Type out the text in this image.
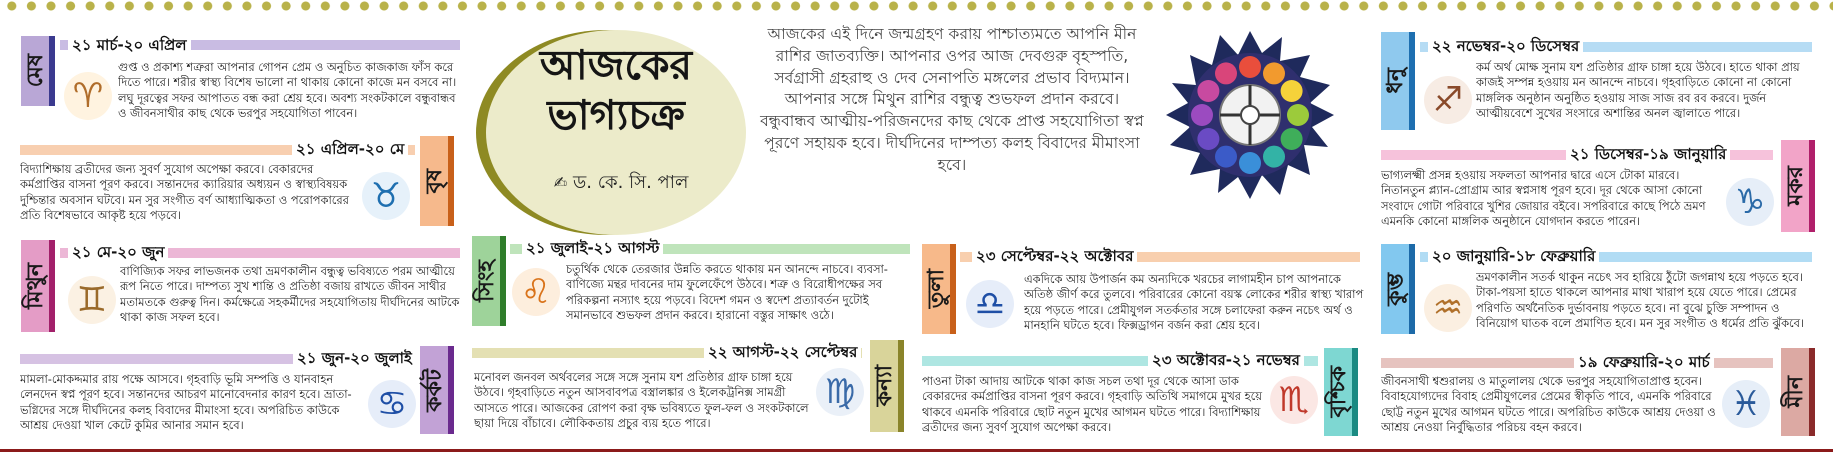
মেষ
২১ মার্চ-২০ এপ্রিল
♈
গুপ্ত ও প্রকাশ্য শত্রুরা আপনার গোপন প্রেম ও অনুচিত কাজকাজ ফাঁস করে দিতে পারে। শরীর স্বাস্থ্য বিশেষ ভালো না থাকায় কোনো কাজে মন বসবে না। লঘু দূরত্বের সফর আপাতত বন্ধ করা শ্রেয় হবে। অবশ্য সংকটকালে বন্ধুবান্ধব ও জীবনসাথীর কাছ থেকে ভরপুর সহযোগিতা পাবেন।
বৃষ
২১ এপ্রিল-২০ মে
♉
বিদ্যাশিক্ষায় ব্রতীদের জন্য সুবর্ণ সুযোগ অপেক্ষা করবে। বেকারদের কর্মপ্রাপ্তির বাসনা পূরণ করবে। সন্তানদের ক্যারিয়ার অধ্যয়ন ও স্বাস্থ্যবিষয়ক দুশ্চিন্তার অবসান ঘটবে। মন সুর সংগীত বর্ণ আধ্যাত্মিকতা ও পরোপকারের প্রতি বিশেষভাবে আকৃষ্ট হয়ে পড়বে।
মিথুন
২১ মে-২০ জুন
♊
বাণিজ্যিক সফর লাভজনক তথা ভ্রমণকালীন বন্ধুত্ব ভবিষ্যতে পরম আত্মীয়ে রূপ নিতে পারে। দাম্পত্য সুখ শান্তি ও প্রতিষ্ঠা বজায় রাখতে জীবন সাথীর মতামতকে গুরুত্ব দিন। কর্মক্ষেত্রে সহকর্মীদের সহযোগিতায় দীর্ঘদিনের আটকে থাকা কাজ সফল হবে।
কর্কট
২১ জুন-২০ জুলাই
♋
মামলা-মোকদ্দমার রায় পক্ষে আসবে। গৃহবাড়ি ভূমি সম্পত্তি ও যানবাহন লেনদেন স্বপ্ন পূরণ হবে। সন্তানদের আচরণ মানোবেদনার কারণ হবে। ভ্রাতা-ভগ্নিদের সঙ্গে দীর্ঘদিনের কলহ বিবাদের মীমাংসা হবে। অপরিচিত কাউকে আশ্রয় দেওয়া খাল কেটে কুমির আনার সমান হবে।
সিংহ
২১ জুলাই-২১ আগস্ট
♌
চতুর্থিক থেকে তেরজার উন্নতি করতে থাকায় মন আনন্দে নাচবে। ব্যবসা-বাণিজ্যে মন্থর দাবনের দাম ফুলেফেঁপে উঠবে। শত্রু ও বিরোধীপক্ষের সব পরিকল্পনা নস্যাৎ হয়ে পড়বে। বিদেশ গমন ও স্বদেশ প্রত্যাবর্তন দুটোই সমানভাবে শুভফল প্রদান করবে। হারানো বস্তুর সাক্ষাৎ ওঠে।
কন্যা
২২ আগস্ট-২২ সেপ্টেম্বর
♍
মনোবল জনবল অর্থবলের সঙ্গে সঙ্গে সুনাম যশ প্রতিষ্ঠার গ্রাফ চাঙ্গা হয়ে উঠবে। গৃহবাড়িতে নতুন আসবাবপত্র বস্ত্রালঙ্কার ও ইলেকট্রনিক্স সামগ্রী আসতে পারে। আজকের রোপণ করা বৃক্ষ ভবিষ্যতে ফুল-ফল ও সংকটকালে ছায়া দিয়ে বাঁচাবে। লৌকিকতায় প্রচুর ব্যয় হতে পারে।
আজকের
ভাগ্যচক্র
✍ ড. কে. সি. পাল
আজকের এই দিনে জন্মগ্রহণ করায় পাশ্চাত্যমতে আপনি মীন রাশির জাতব্যক্তি। আপনার ওপর আজ দেবগুরু বৃহস্পতি, সর্বগ্রাসী গ্রহরাহু ও দেব সেনাপতি মঙ্গলের প্রভাব বিদ্যমান। আপনার সঙ্গে মিথুন রাশির বন্ধুত্ব শুভফল প্রদান করবে। বন্ধুবান্ধব আত্মীয়-পরিজনদের কাছ থেকে প্রাপ্ত সহযোগিতা স্বপ্ন পূরণে সহায়ক হবে। দীর্ঘদিনের দাম্পত্য কলহ বিবাদের মীমাংসা হবে।
ধনু
২২ নভেম্বর-২০ ডিসেম্বর
♐
কর্ম অর্থ মোক্ষ সুনাম যশ প্রতিষ্ঠার গ্রাফ চাঙ্গা হয়ে উঠবে। হাতে থাকা প্রায় কাজই সম্পন্ন হওয়ায় মন আনন্দে নাচবে। গৃহবাড়িতে কোনো না কোনো মাঙ্গলিক অনুষ্ঠান অনুষ্ঠিত হওয়ায় সাজ সাজ রব রব করবে। দুর্জন আত্মীয়বেশে সুখের সংসারে অশান্তির অনল জ্বালাতে পারে।
মকর
২১ ডিসেম্বর-১৯ জানুয়ারি
♑
ভাগ্যলক্ষ্মী প্রসন্ন হওয়ায় সফলতা আপনার দ্বারে এসে টোকা মারবে। নিতানতুন প্ল্যান-প্রোগ্রাম আর স্বপ্নসাধ পূরণ হবে। দূর থেকে আসা কোনো সংবাদে গোটা পরিবারে খুশির জোয়ার বইবে। সপরিবারে কাছে পিঠে ভ্রমণ এমনকি কোনো মাঙ্গলিক অনুষ্ঠানে যোগদান করতে পারেন।
কুম্ভ
২০ জানুয়ারি-১৮ ফেব্রুয়ারি
♒
ভ্রমণকালীন সতর্ক থাকুন নচেৎ সব হারিয়ে ঠুঁটো জগন্নাথ হয়ে পড়তে হবে। টাকা-পয়সা হাতে থাকলে আপনার মাথা খারাপ হয়ে যেতে পারে। প্রেমের পরিণতি অর্থনৈতিক দুর্ভাবনায় পড়তে হবে। না বুঝে চুক্তি সম্পাদন ও বিনিয়োগ ঘাতক বলে প্রমাণিত হবে। মন সুর সংগীত ও ধর্মের প্রতি ঝুঁকবে।
মীন
১৯ ফেব্রুয়ারি-২০ মার্চ
♓
জীবনসাথী শ্বশুরালয় ও মাতুলালয় থেকে ভরপুর সহযোগিতাপ্রাপ্ত হবেন। বিবাহযোগ্যদের বিবাহ প্রেমীযুগলের প্রেমের স্বীকৃতি পাবে, এমনকি পরিবারে ছোট্ট নতুন মুখের আগমন ঘটতে পারে। অপরিচিত কাউকে আশ্রয় দেওয়া ও আশ্রয় নেওয়া নির্বুদ্ধিতার পরিচয় বহন করবে।
তুলা
২৩ সেপ্টেম্বর-২২ অক্টোবর
♎
একদিকে আয় উপার্জন কম অন্যদিকে খরচের লাগামহীন চাপ আপনাকে অতিষ্ঠ জীর্ণ করে তুলবে। পরিবারের কোনো বয়স্ক লোকের শরীর স্বাস্থ্য খারাপ হয়ে পড়তে পারে। প্রেমীযুগল সতর্কতার সঙ্গে চলাফেরা করুন নচেৎ অর্থ ও মানহানি ঘটতে হবে। ফিক্সড্রাগন বর্জন করা শ্রেয় হবে।
বৃশ্চিক
২৩ অক্টোবর-২১ নভেম্বর
♏
পাওনা টাকা আদায় আটকে থাকা কাজ সচল তথা দূর থেকে আসা ডাক বেকারদের কর্মপ্রাপ্তির বাসনা পূরণ করবে। গৃহবাড়ি অতিথি সমাগমে মুখর হয়ে থাকবে এমনকি পরিবারে ছোট নতুন মুখের আগমন ঘটতে পারে। বিদ্যাশিক্ষায় ব্রতীদের জন্য সুবর্ণ সুযোগ অপেক্ষা করবে।
